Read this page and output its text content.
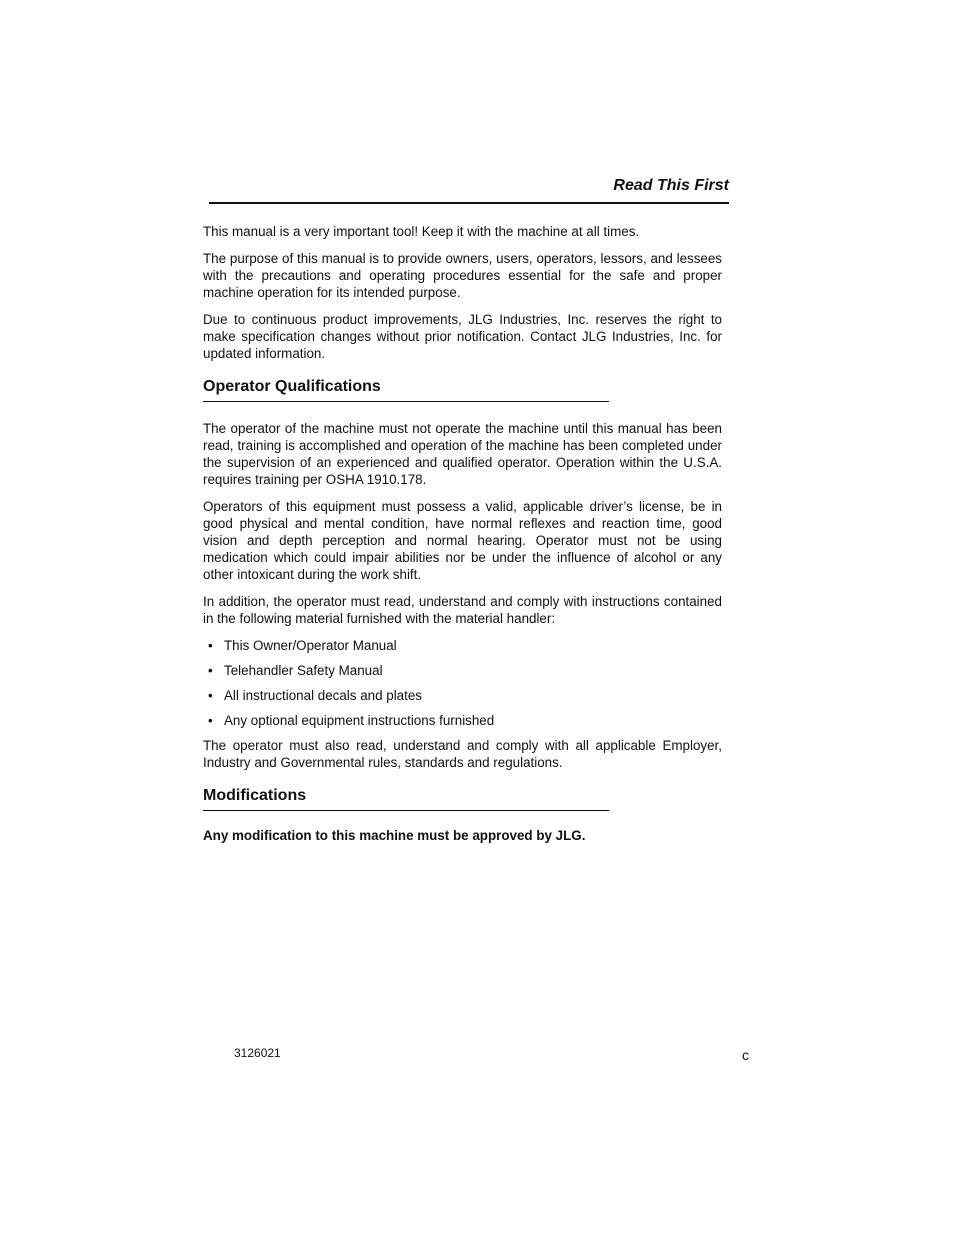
Read This First

This manual is a very important tool! Keep it with the machine at all times.

The purpose of this manual is to provide owners, users, operators, lessors, and lessees with the precautions and operating procedures essential for the safe and proper machine operation for its intended purpose.

Due to continuous product improvements, JLG Industries, Inc. reserves the right to make specification changes without prior notification. Contact JLG Industries, Inc. for updated information.

Operator Qualifications

The operator of the machine must not operate the machine until this manual has been read, training is accomplished and operation of the machine has been completed under the supervision of an experienced and qualified operator. Operation within the U.S.A. requires training per OSHA 1910.178.

Operators of this equipment must possess a valid, applicable driver’s license, be in good physical and mental condition, have normal reflexes and reaction time, good vision and depth perception and normal hearing. Operator must not be using medication which could impair abilities nor be under the influence of alcohol or any other intoxicant during the work shift.

In addition, the operator must read, understand and comply with instructions contained in the following material furnished with the material handler:

• This Owner/Operator Manual
• Telehandler Safety Manual
• All instructional decals and plates
• Any optional equipment instructions furnished

The operator must also read, understand and comply with all applicable Employer, Industry and Governmental rules, standards and regulations.

Modifications

Any modification to this machine must be approved by JLG.

3126021	c
